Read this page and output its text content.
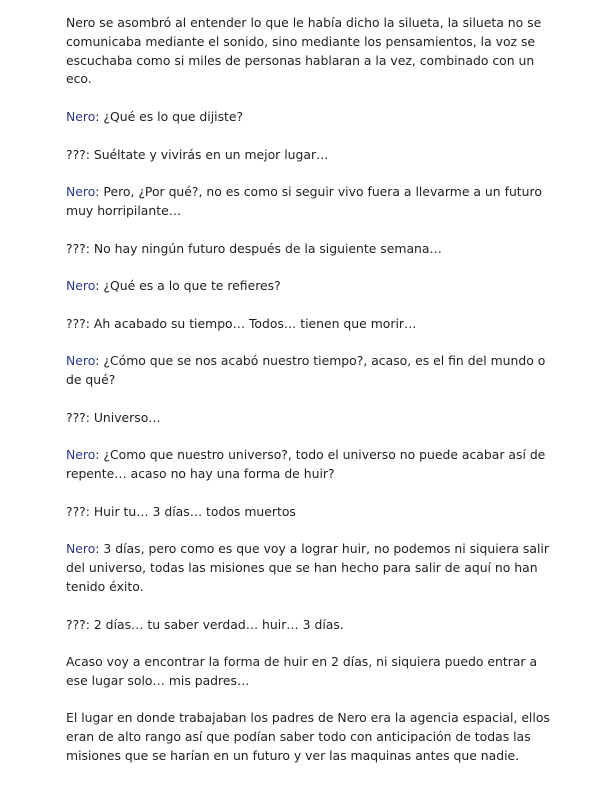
Nero se asombró al entender lo que le había dicho la silueta, la silueta no se comunicaba mediante el sonido, sino mediante los pensamientos, la voz se escuchaba como si miles de personas hablaran a la vez, combinado con un eco.

Nero: ¿Qué es lo que dijiste?

???: Suéltate y vivirás en un mejor lugar…

Nero: Pero, ¿Por qué?, no es como si seguir vivo fuera a llevarme a un futuro muy horripilante…

???: No hay ningún futuro después de la siguiente semana…

Nero: ¿Qué es a lo que te refieres?

???: Ah acabado su tiempo… Todos… tienen que morir…

Nero: ¿Cómo que se nos acabó nuestro tiempo?, acaso, es el fin del mundo o de qué?

???: Universo…

Nero: ¿Como que nuestro universo?, todo el universo no puede acabar así de repente… acaso no hay una forma de huir?

???: Huir tu… 3 días… todos muertos

Nero: 3 días, pero como es que voy a lograr huir, no podemos ni siquiera salir del universo, todas las misiones que se han hecho para salir de aquí no han tenido éxito.

???: 2 días… tu saber verdad… huir… 3 días.

Acaso voy a encontrar la forma de huir en 2 días, ni siquiera puedo entrar a ese lugar solo… mis padres…

El lugar en donde trabajaban los padres de Nero era la agencia espacial, ellos eran de alto rango así que podían saber todo con anticipación de todas las misiones que se harían en un futuro y ver las maquinas antes que nadie.
